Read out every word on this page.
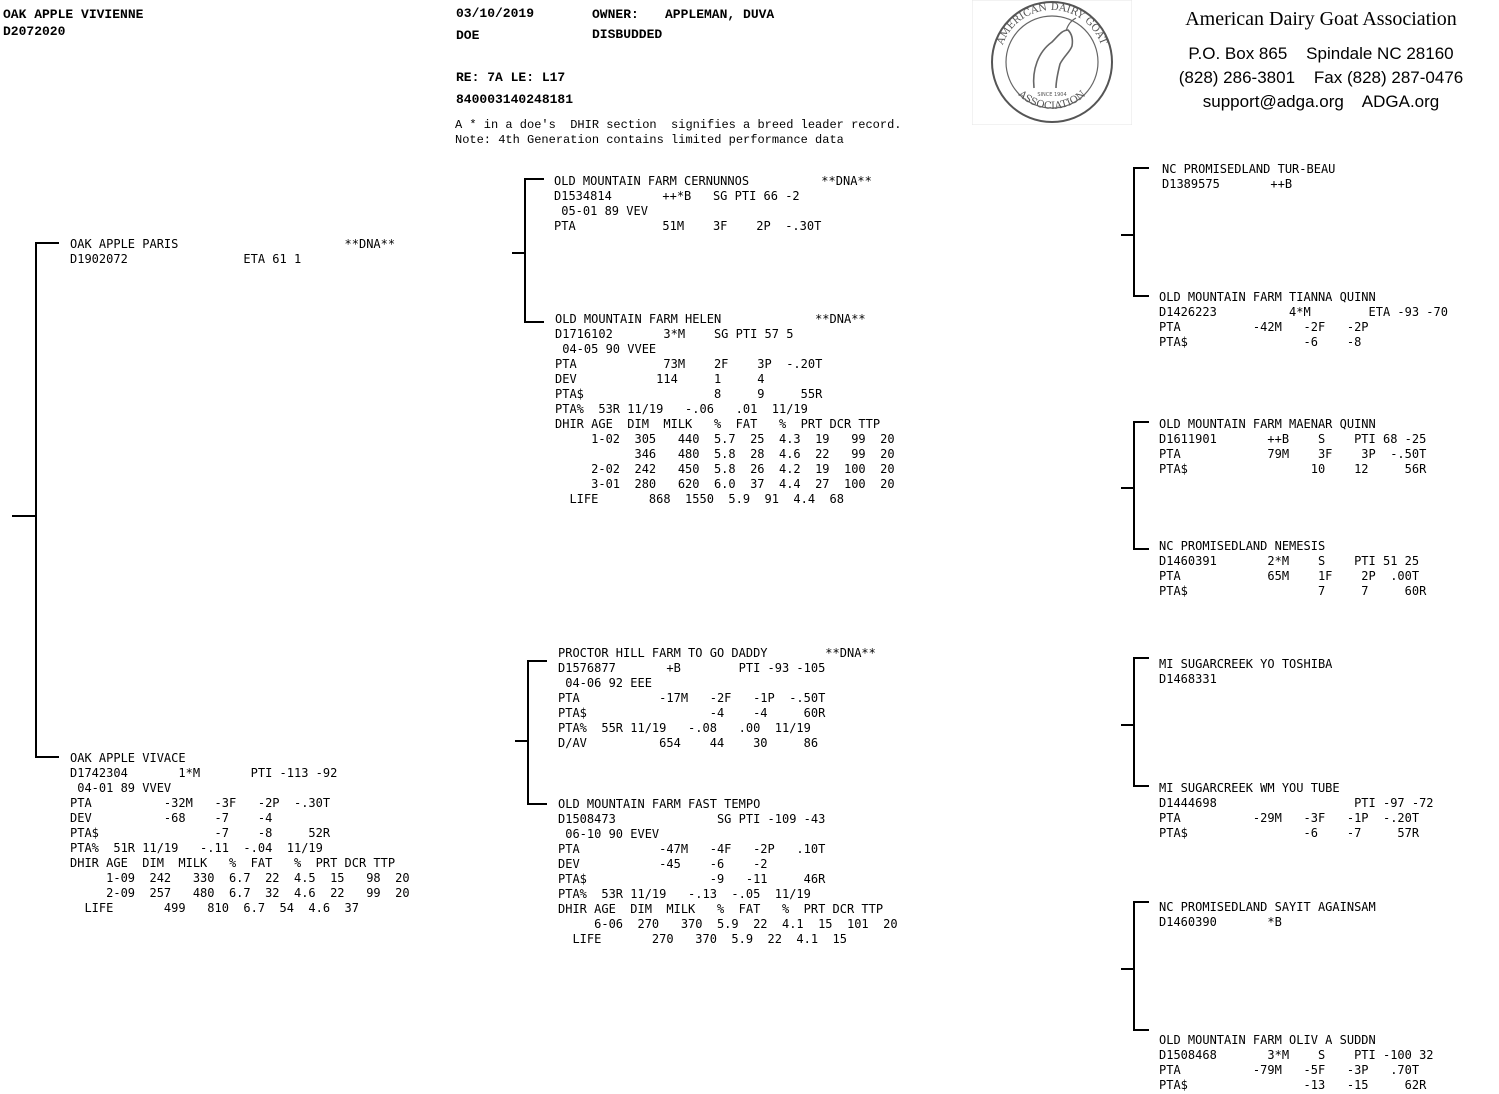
OAK APPLE VIVIENNE
D2072020
03/10/2019
DOE
OWNER: APPLEMAN, DUVA
DISBUDDED
RE: 7A LE: L17
840003140248181
A * in a doe's  DHIR section  signifies a breed leader record.
Note: 4th Generation contains limited performance data
AMERICAN DAIRY GOAT
ASSOCIATION
SINCE 1904
American Dairy Goat Association
P.O. Box 865    Spindale NC 28160
(828) 286-3801    Fax (828) 287-0476
support@adga.org    ADGA.org
OAK APPLE PARIS                       **DNA**
D1902072                ETA 61 1
OAK APPLE VIVACE
D1742304       1*M       PTI -113 -92
04-01 89 VVEV
PTA          -32M   -3F   -2P  -.30T
DEV          -68    -7    -4
PTA$                -7    -8     52R
PTA%  51R 11/19   -.11  -.04  11/19
DHIR AGE  DIM  MILK   %  FAT   %  PRT DCR TTP
1-09  242   330  6.7  22  4.5  15   98  20
2-09  257   480  6.7  32  4.6  22   99  20
LIFE       499   810  6.7  54  4.6  37
OLD MOUNTAIN FARM CERNUNNOS          **DNA**
D1534814       ++*B   SG PTI 66 -2
05-01 89 VEV
PTA            51M    3F    2P  -.30T
OLD MOUNTAIN FARM HELEN             **DNA**
D1716102       3*M    SG PTI 57 5
04-05 90 VVEE
PTA            73M    2F    3P  -.20T
DEV           114     1     4
PTA$                  8     9     55R
PTA%  53R 11/19   -.06   .01  11/19
DHIR AGE  DIM  MILK   %  FAT   %  PRT DCR TTP
1-02  305   440  5.7  25  4.3  19   99  20
346   480  5.8  28  4.6  22   99  20
2-02  242   450  5.8  26  4.2  19  100  20
3-01  280   620  6.0  37  4.4  27  100  20
LIFE       868  1550  5.9  91  4.4  68
PROCTOR HILL FARM TO GO DADDY        **DNA**
D1576877       +B        PTI -93 -105
04-06 92 EEE
PTA           -17M   -2F   -1P  -.50T
PTA$                 -4    -4     60R
PTA%  55R 11/19   -.08   .00  11/19
D/AV          654    44    30     86
OLD MOUNTAIN FARM FAST TEMPO
D1508473              SG PTI -109 -43
06-10 90 EVEV
PTA           -47M   -4F   -2P   .10T
DEV           -45    -6    -2
PTA$                 -9   -11     46R
PTA%  53R 11/19   -.13  -.05  11/19
DHIR AGE  DIM  MILK   %  FAT   %  PRT DCR TTP
6-06  270   370  5.9  22  4.1  15  101  20
LIFE       270   370  5.9  22  4.1  15
NC PROMISEDLAND TUR-BEAU
D1389575       ++B
OLD MOUNTAIN FARM TIANNA QUINN
D1426223          4*M        ETA -93 -70
PTA          -42M   -2F   -2P
PTA$                -6    -8
OLD MOUNTAIN FARM MAENAR QUINN
D1611901       ++B    S    PTI 68 -25
PTA            79M    3F    3P  -.50T
PTA$                 10    12     56R
NC PROMISEDLAND NEMESIS
D1460391       2*M    S    PTI 51 25
PTA            65M    1F    2P  .00T
PTA$                  7     7     60R
MI SUGARCREEK YO TOSHIBA
D1468331
MI SUGARCREEK WM YOU TUBE
D1444698                   PTI -97 -72
PTA          -29M   -3F   -1P  -.20T
PTA$                -6    -7     57R
NC PROMISEDLAND SAYIT AGAINSAM
D1460390       *B
OLD MOUNTAIN FARM OLIV A SUDDN
D1508468       3*M    S    PTI -100 32
PTA          -79M   -5F   -3P   .70T
PTA$                -13   -15     62R
